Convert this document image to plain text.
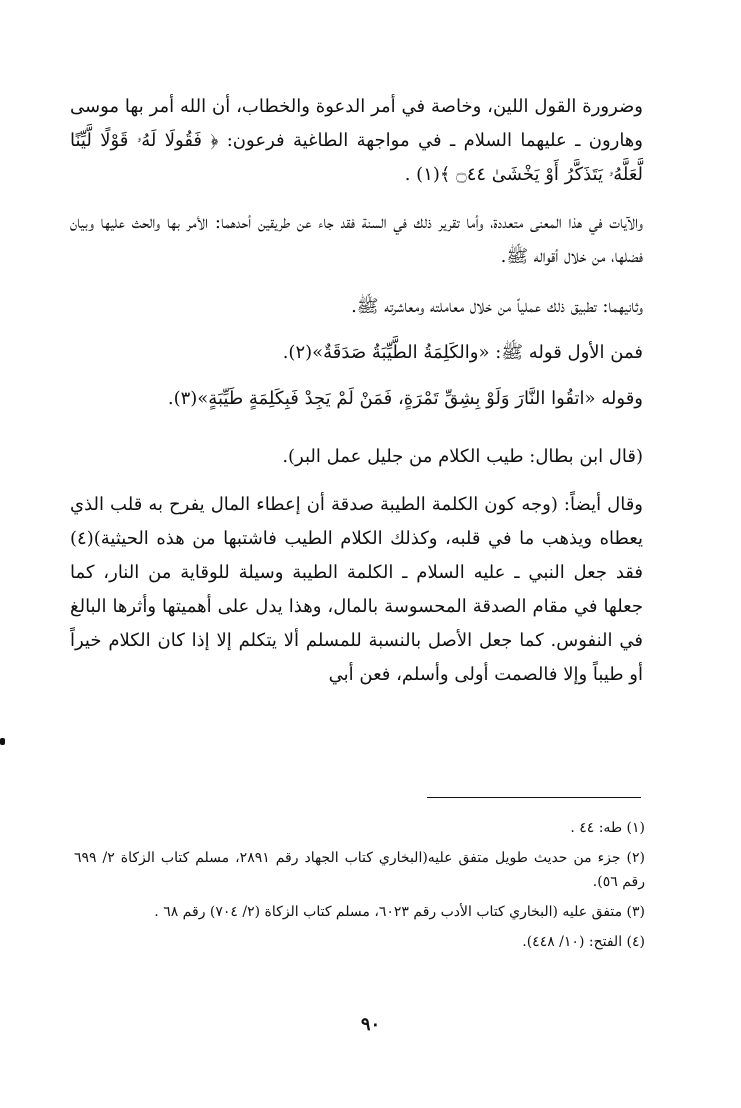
وضرورة القول اللين، وخاصة في أمر الدعوة والخطاب، أن الله أمر بها موسى وهارون ـ عليهما السلام ـ في مواجهة الطاغية فرعون: ﴿ فَقُولَا لَهُۥ قَوْلًا لَّيِّنًا لَّعَلَّهُۥ يَتَذَكَّرُ أَوْ يَخْشَىٰ ۝٤٤ ﴾(١) .

والآيات في هذا المعنى متعددة، وأما تقرير ذلك في السنة فقد جاء عن طريقين أحدهما: الأمر بها والحث عليها وبيان فضلها، من خلال أقواله ﷺ.

وثانيهما: تطبيق ذلك عملياً من خلال معاملته ومعاشرته ﷺ.

فمن الأول قوله ﷺ: «والكَلِمَةُ الطَّيِّبَةُ صَدَقَةٌ»(٢).

وقوله «اتقُوا النَّارَ وَلَوْ بِشِقِّ تَمْرَةٍ، فَمَنْ لَمْ يَجِدْ فَبِكَلِمَةٍ طَيِّبَةٍ»(٣).

(قال ابن بطال: طيب الكلام من جليل عمل البر).

وقال أيضاً: (وجه كون الكلمة الطيبة صدقة أن إعطاء المال يفرح به قلب الذي يعطاه ويذهب ما في قلبه، وكذلك الكلام الطيب فاشتبها من هذه الحيثية)(٤) فقد جعل النبي ـ عليه السلام ـ الكلمة الطيبة وسيلة للوقاية من النار، كما جعلها في مقام الصدقة المحسوسة بالمال، وهذا يدل على أهميتها وأثرها البالغ في النفوس. كما جعل الأصل بالنسبة للمسلم ألا يتكلم إلا إذا كان الكلام خيراً أو طيباً وإلا فالصمت أولى وأسلم، فعن أبي

(١) طه: ٤٤ .

(٢) جزء من حديث طويل متفق عليه(البخاري كتاب الجهاد رقم ٢٨٩١، مسلم كتاب الزكاة ٢/ ٦٩٩ رقم ٥٦).

(٣) متفق عليه (البخاري كتاب الأدب رقم ٦٠٢٣، مسلم كتاب الزكاة (٢/ ٧٠٤) رقم ٦٨ .

(٤) الفتح: (١٠/ ٤٤٨).

٩٠
